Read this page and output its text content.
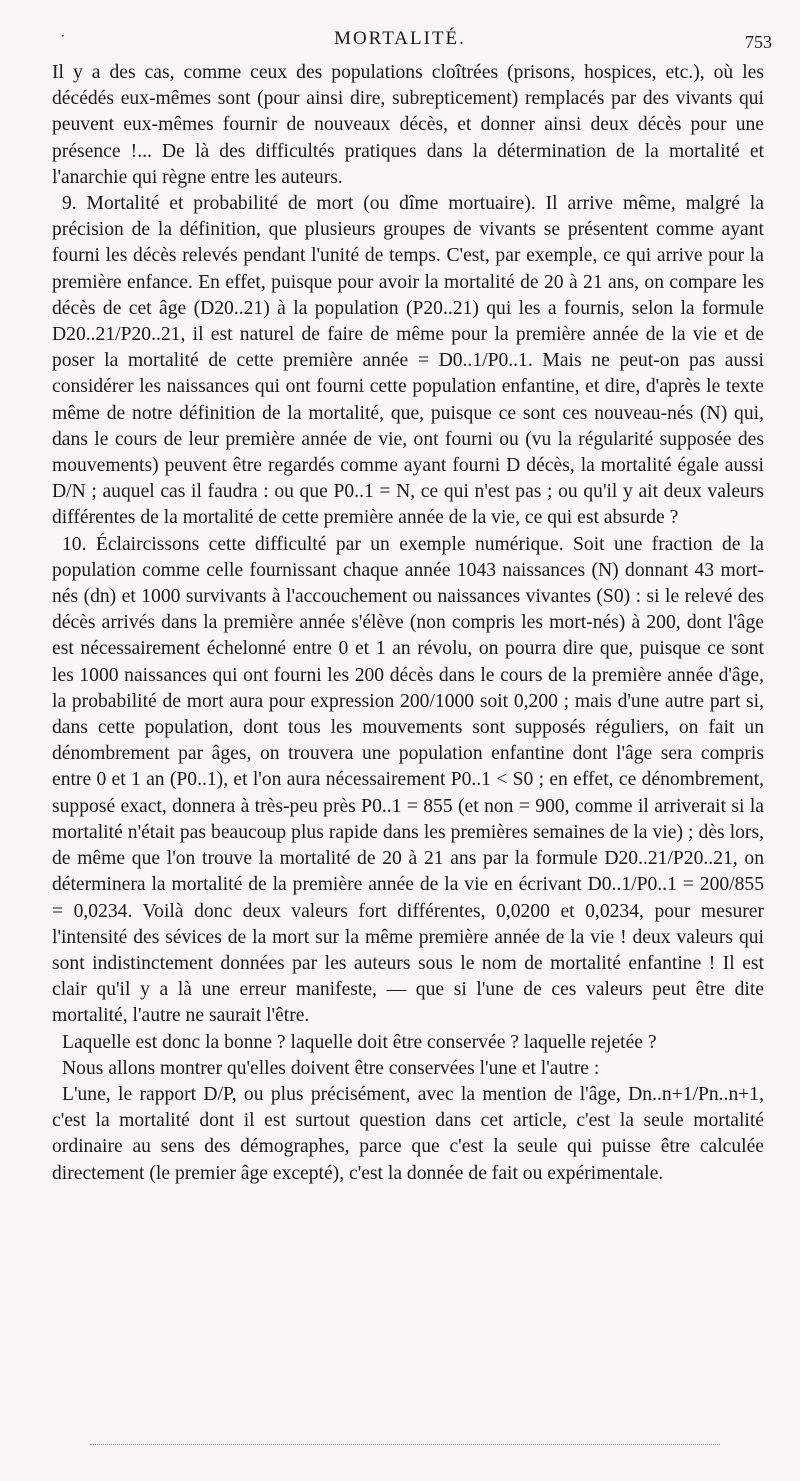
·	MORTALITÉ.	753

Il y a des cas, comme ceux des populations cloîtrées (prisons, hospices, etc.), où les décédés eux-mêmes sont (pour ainsi dire, subrepticement) remplacés par des vivants qui peuvent eux-mêmes fournir de nouveaux décès, et donner ainsi deux décès pour une présence !... De là des difficultés pratiques dans la détermination de la mortalité et l'anarchie qui règne entre les auteurs.

9. Mortalité et probabilité de mort (ou dîme mortuaire). Il arrive même, malgré la précision de la définition, que plusieurs groupes de vivants se présentent comme ayant fourni les décès relevés pendant l'unité de temps. C'est, par exemple, ce qui arrive pour la première enfance. En effet, puisque pour avoir la mortalité de 20 à 21 ans, on compare les décès de cet âge (D20..21) à la population (P20..21) qui les a fournis, selon la formule D20..21/P20..21, il est naturel de faire de même pour la première année de la vie et de poser la mortalité de cette première année = D0..1/P0..1. Mais ne peut-on pas aussi considérer les naissances qui ont fourni cette population enfantine, et dire, d'après le texte même de notre définition de la mortalité, que, puisque ce sont ces nouveau-nés (N) qui, dans le cours de leur première année de vie, ont fourni ou (vu la régularité supposée des mouvements) peuvent être regardés comme ayant fourni D décès, la mortalité égale aussi D/N ; auquel cas il faudra : ou que P0..1 = N, ce qui n'est pas ; ou qu'il y ait deux valeurs différentes de la mortalité de cette première année de la vie, ce qui est absurde ?

10. Éclaircissons cette difficulté par un exemple numérique. Soit une fraction de la population comme celle fournissant chaque année 1043 naissances (N) donnant 43 mort-nés (dn) et 1000 survivants à l'accouchement ou naissances vivantes (S0) : si le relevé des décès arrivés dans la première année s'élève (non compris les mort-nés) à 200, dont l'âge est nécessairement échelonné entre 0 et 1 an révolu, on pourra dire que, puisque ce sont les 1000 naissances qui ont fourni les 200 décès dans le cours de la première année d'âge, la probabilité de mort aura pour expression 200/1000 soit 0,200 ; mais d'une autre part si, dans cette population, dont tous les mouvements sont supposés réguliers, on fait un dénombrement par âges, on trouvera une population enfantine dont l'âge sera compris entre 0 et 1 an (P0..1), et l'on aura nécessairement P0..1 < S0 ; en effet, ce dénombrement, supposé exact, donnera à très-peu près P0..1 = 855 (et non = 900, comme il arriverait si la mortalité n'était pas beaucoup plus rapide dans les premières semaines de la vie) ; dès lors, de même que l'on trouve la mortalité de 20 à 21 ans par la formule D20..21/P20..21, on déterminera la mortalité de la première année de la vie en écrivant D0..1/P0..1 = 200/855 = 0,0234. Voilà donc deux valeurs fort différentes, 0,0200 et 0,0234, pour mesurer l'intensité des sévices de la mort sur la même première année de la vie ! deux valeurs qui sont indistinctement données par les auteurs sous le nom de mortalité enfantine ! Il est clair qu'il y a là une erreur manifeste, — que si l'une de ces valeurs peut être dite mortalité, l'autre ne saurait l'être.

Laquelle est donc la bonne ? laquelle doit être conservée ? laquelle rejetée ?

Nous allons montrer qu'elles doivent être conservées l'une et l'autre :

L'une, le rapport D/P, ou plus précisément, avec la mention de l'âge, Dn..n+1/Pn..n+1, c'est la mortalité dont il est surtout question dans cet article, c'est la seule mortalité ordinaire au sens des démographes, parce que c'est la seule qui puisse être calculée directement (le premier âge excepté), c'est la donnée de fait ou expérimentale.
